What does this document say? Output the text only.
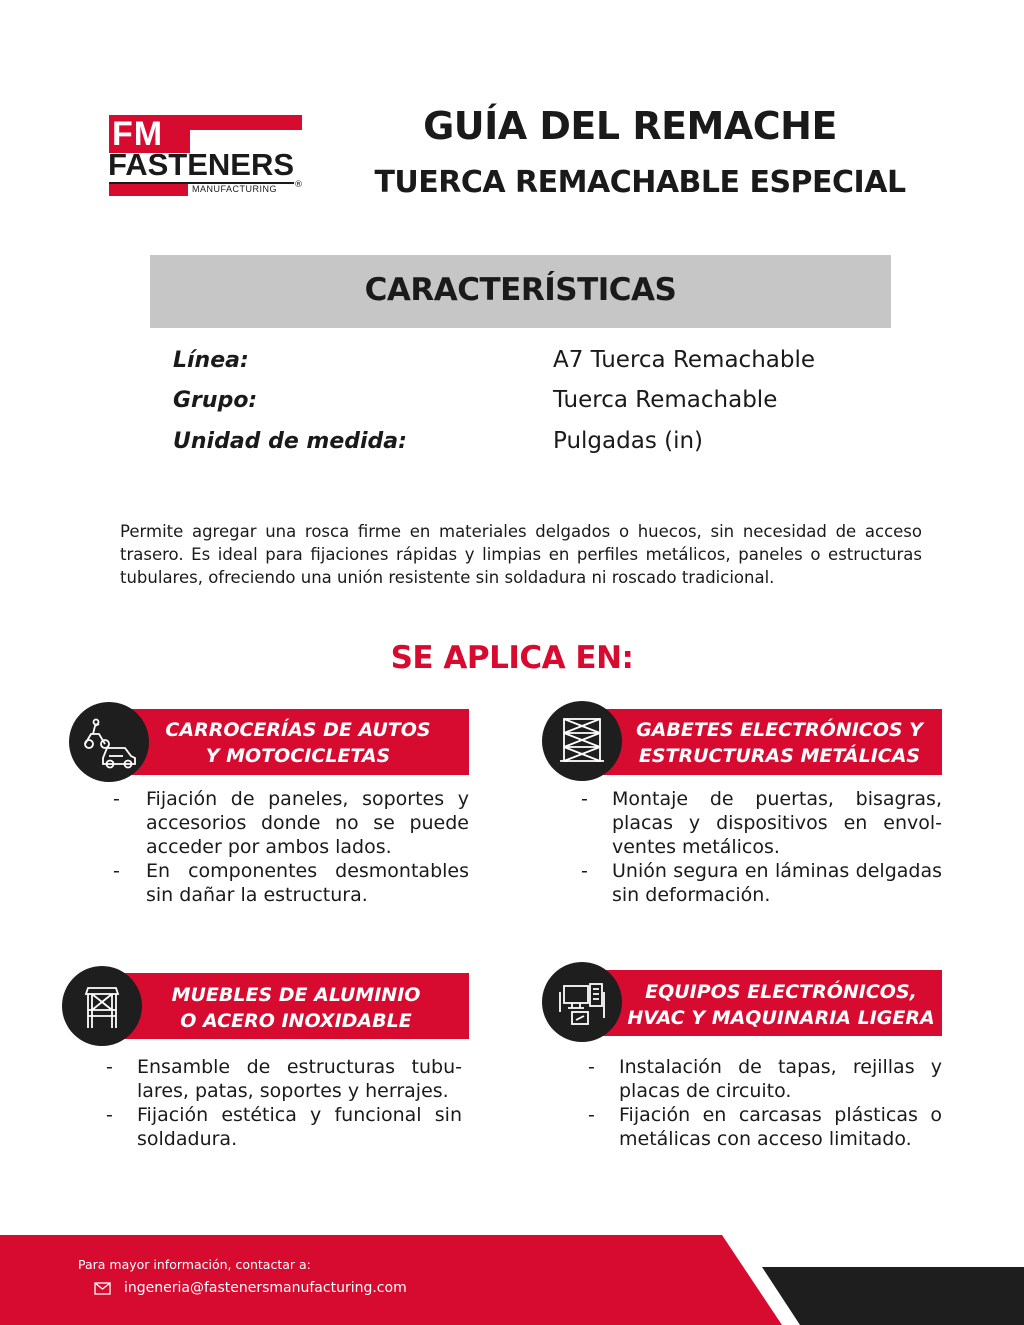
FM
FASTENERS
MANUFACTURING ®
GUÍA DEL REMACHE
TUERCA REMACHABLE ESPECIAL
CARACTERÍSTICAS
Línea:	A7 Tuerca Remachable
Grupo:	Tuerca Remachable
Unidad de medida:	Pulgadas (in)
Permite agregar una rosca firme en materiales delgados o huecos, sin necesidad de acceso trasero. Es ideal para fijaciones rápidas y limpias en perfiles metálicos, paneles o estructuras tubulares, ofreciendo una unión resistente sin soldadura ni roscado tradicional.
SE APLICA EN:
CARROCERÍAS DE AUTOS
Y MOTOCICLETAS
- Fijación de paneles, soportes y accesorios donde no se puede acceder por ambos lados.
- En componentes desmontables sin dañar la estructura.
GABETES ELECTRÓNICOS Y
ESTRUCTURAS METÁLICAS
- Montaje de puertas, bisagras, placas y dispositivos en envol-ventes metálicos.
- Unión segura en láminas delgadas sin deformación.
MUEBLES DE ALUMINIO
O ACERO INOXIDABLE
- Ensamble de estructuras tubu-lares, patas, soportes y herrajes.
- Fijación estética y funcional sin soldadura.
EQUIPOS ELECTRÓNICOS,
HVAC Y MAQUINARIA LIGERA
- Instalación de tapas, rejillas y placas de circuito.
- Fijación en carcasas plásticas o metálicas con acceso limitado.
Para mayor información, contactar a:
ingeneria@fastenersmanufacturing.com
